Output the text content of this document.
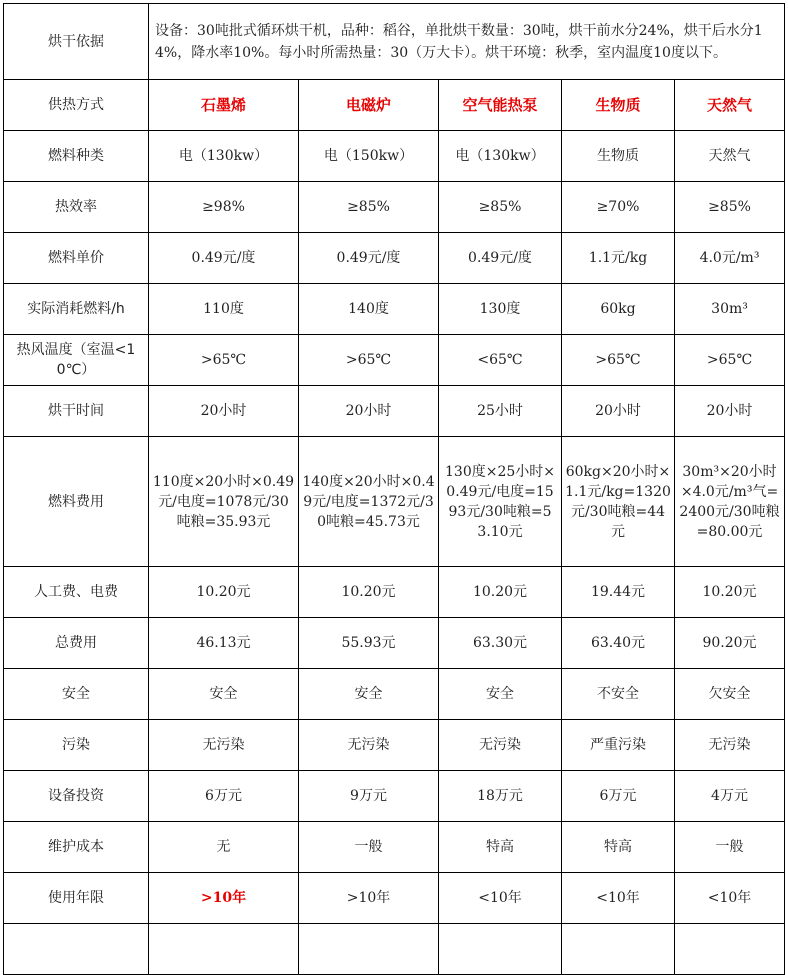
烘干依据	设备：30吨批式循环烘干机，品种：稻谷，单批烘干数量：30吨，烘干前水分24%，烘干后水分14%，降水率10%。每小时所需热量：30（万大卡）。烘干环境：秋季，室内温度10度以下。				
供热方式	石墨烯	电磁炉	空气能热泵	生物质	天然气
燃料种类	电（130kw）	电（150kw）	电（130kw）	生物质	天然气
热效率	≥98%	≥85%	≥85%	≥70%	≥85%
燃料单价	0.49元/度	0.49元/度	0.49元/度	1.1元/kg	4.0元/m³
实际消耗燃料/h	110度	140度	130度	60kg	30m³
热风温度（室温<10℃）	>65℃	>65℃	<65℃	>65℃	>65℃
烘干时间	20小时	20小时	25小时	20小时	20小时
燃料费用	110度×20小时×0.49元/电度=1078元/30吨粮=35.93元	140度×20小时×0.49元/电度=1372元/30吨粮=45.73元	130度×25小时×0.49元/电度=1593元/30吨粮=53.10元	60kg×20小时×1.1元/kg=1320元/30吨粮=44元	30m³×20小时×4.0元/m³气=2400元/30吨粮=80.00元
人工费、电费	10.20元	10.20元	10.20元	19.44元	10.20元
总费用	46.13元	55.93元	63.30元	63.40元	90.20元
安全	安全	安全	安全	不安全	欠安全
污染	无污染	无污染	无污染	严重污染	无污染
设备投资	6万元	9万元	18万元	6万元	4万元
维护成本	无	一般	特高	特高	一般
使用年限	>10年	>10年	<10年	<10年	<10年
